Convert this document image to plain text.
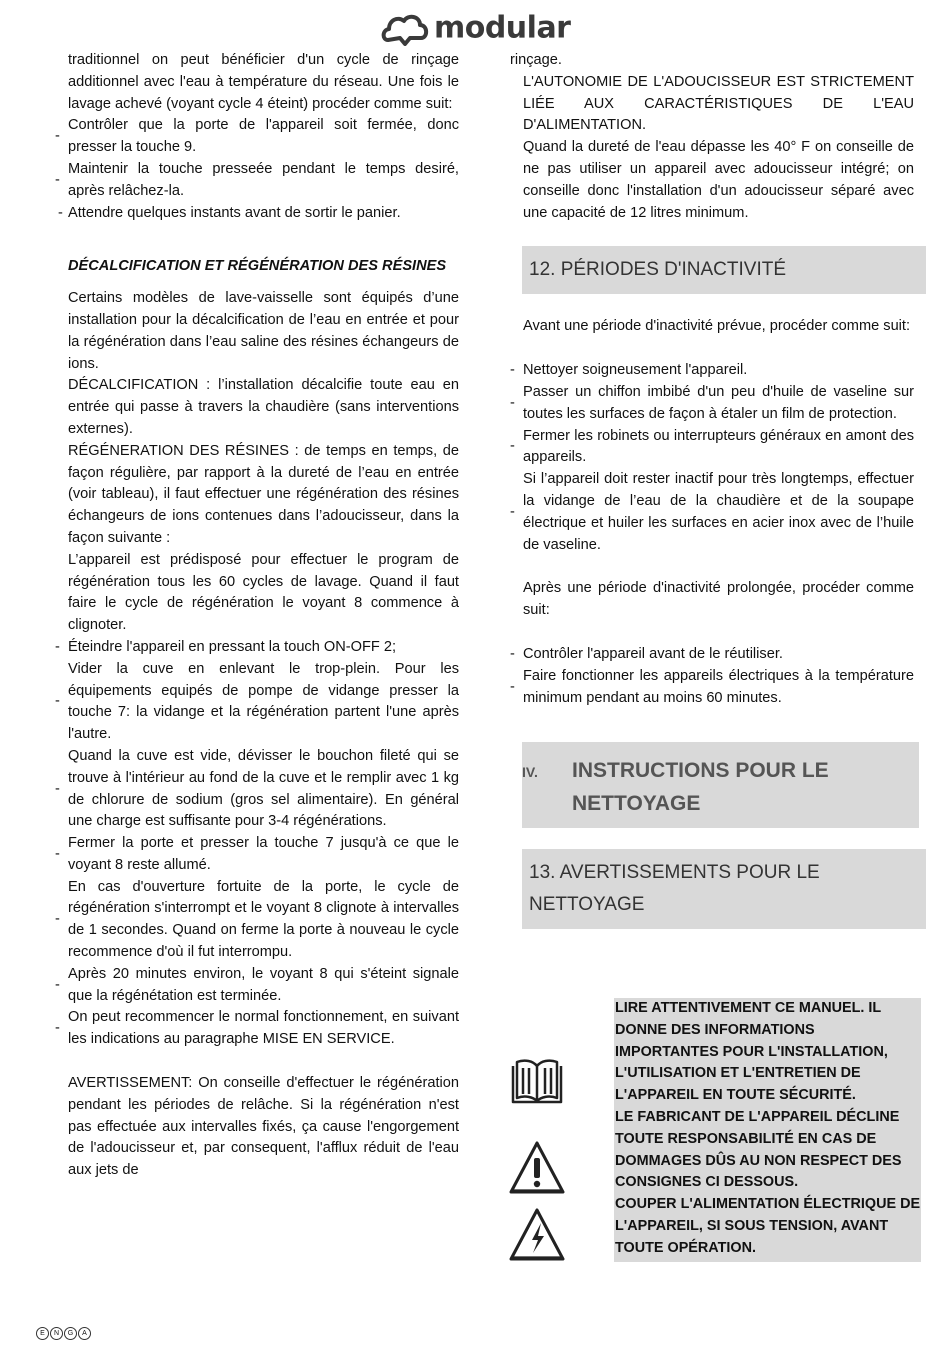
modular

traditionnel on peut bénéficier d'un cycle de rinçage additionnel avec l'eau à température du réseau. Une fois le lavage achevé (voyant cycle 4 éteint) procéder comme suit:

-
Contrôler que la porte de l'appareil soit fermée, donc presser la touche 9.
-
Maintenir la touche presseée pendant le temps desiré, après relâchez-la.
- Attendre quelques instants avant de sortir le panier.
DÉCALCIFICATION ET RÉGÉNÉRATION DES RÉSINES

Certains modèles de lave-vaisselle sont équipés d’une installation pour la décalcification de l’eau en entrée et pour la régénération dans l’eau saline des résines échangeurs de ions.

DÉCALCIFICATION : l’installation décalcifie toute eau en entrée qui passe à travers la chaudière (sans interventions externes).

RÉGÉNERATION DES RÉSINES : de temps en temps, de façon régulière, par rapport à la dureté de l’eau en entrée (voir tableau), il faut effectuer une régénération des résines échangeurs de ions contenues dans l’adoucisseur, dans la façon suivante :

L’appareil est prédisposé pour effectuer le program de régénération tous les 60 cycles de lavage. Quand il faut faire le cycle de régénération le voyant 8 commence à clignoter.

- Éteindre l'appareil en pressant la touch ON-OFF 2;
-
Vider la cuve en enlevant le trop-plein. Pour les équipements equipés de pompe de vidange presser la touche 7: la vidange et la régénération partent l'une après l'autre.
-
Quand la cuve est vide, dévisser le bouchon fileté qui se trouve à l'intérieur au fond de la cuve et le remplir avec 1 kg de chlorure de sodium (gros sel alimentaire). En général une charge est suffisante pour 3-4 régénérations.
-
Fermer la porte et presser la touche 7 jusqu'à ce que le voyant 8 reste allumé.
-
En cas d'ouverture fortuite de la porte, le cycle de régénération s'interrompt et le voyant 8 clignote à intervalles de 1 secondes. Quand on ferme la porte à nouveau le cycle recommence d'où il fut interrompu.
-
Après 20 minutes environ, le voyant 8 qui s'éteint signale que la régénétation est terminée.
-
On peut recommencer le normal fonctionnement, en suivant les indications au paragraphe MISE EN SERVICE.

AVERTISSEMENT: On conseille d'effectuer le régénération pendant les périodes de relâche. Si la régénération n'est pas effectuée aux intervalles fixés, ça cause l'engorgement de l'adoucisseur et, par consequent, l'afflux réduit de l'eau aux jets de

rinçage.

L'AUTONOMIE DE L'ADOUCISSEUR EST STRICTEMENT LIÉE AUX CARACTÉRISTIQUES DE L'EAU D'ALIMENTATION.

Quand la dureté de l'eau dépasse les 40° F on conseille de ne pas utiliser un appareil avec adoucisseur intégré; on conseille donc l'installation d'un adoucisseur séparé avec une capacité de 12 litres minimum.

12. PÉRIODES D'INACTIVITÉ

Avant une période d'inactivité prévue, procéder comme suit:

- Nettoyer soigneusement l'appareil.
-
Passer un chiffon imbibé d'un peu d'huile de vaseline sur toutes les surfaces de façon à étaler un film de protection.
-
Fermer les robinets ou interrupteurs généraux en amont des appareils.
-
Si l’appareil doit rester inactif pour très longtemps, effectuer la vidange de l’eau de la chaudière et de la soupape électrique et huiler les surfaces en acier inox avec de l’huile de vaseline.

Après une période d'inactivité prolongée, procéder comme suit:

- Contrôler l'appareil avant de le réutiliser.
-
Faire fonctionner les appareils électriques à la température minimum pendant au moins 60 minutes.
IV.	INSTRUCTIONS POUR LE NETTOYAGE
13. AVERTISSEMENTS POUR LE NETTOYAGE
LIRE ATTENTIVEMENT CE MANUEL. IL DONNE DES INFORMATIONS IMPORTANTES POUR L'INSTALLATION, L'UTILISATION ET L'ENTRETIEN DE L'APPAREIL EN TOUTE SÉCURITÉ.
LE FABRICANT DE L'APPAREIL DÉCLINE TOUTE RESPONSABILITÉ EN CAS DE DOMMAGES DÛS AU NON RESPECT DES CONSIGNES CI DESSOUS.
COUPER L'ALIMENTATION ÉLECTRIQUE DE L'APPAREIL, SI SOUS TENSION, AVANT TOUTE OPÉRATION.
E N G A
